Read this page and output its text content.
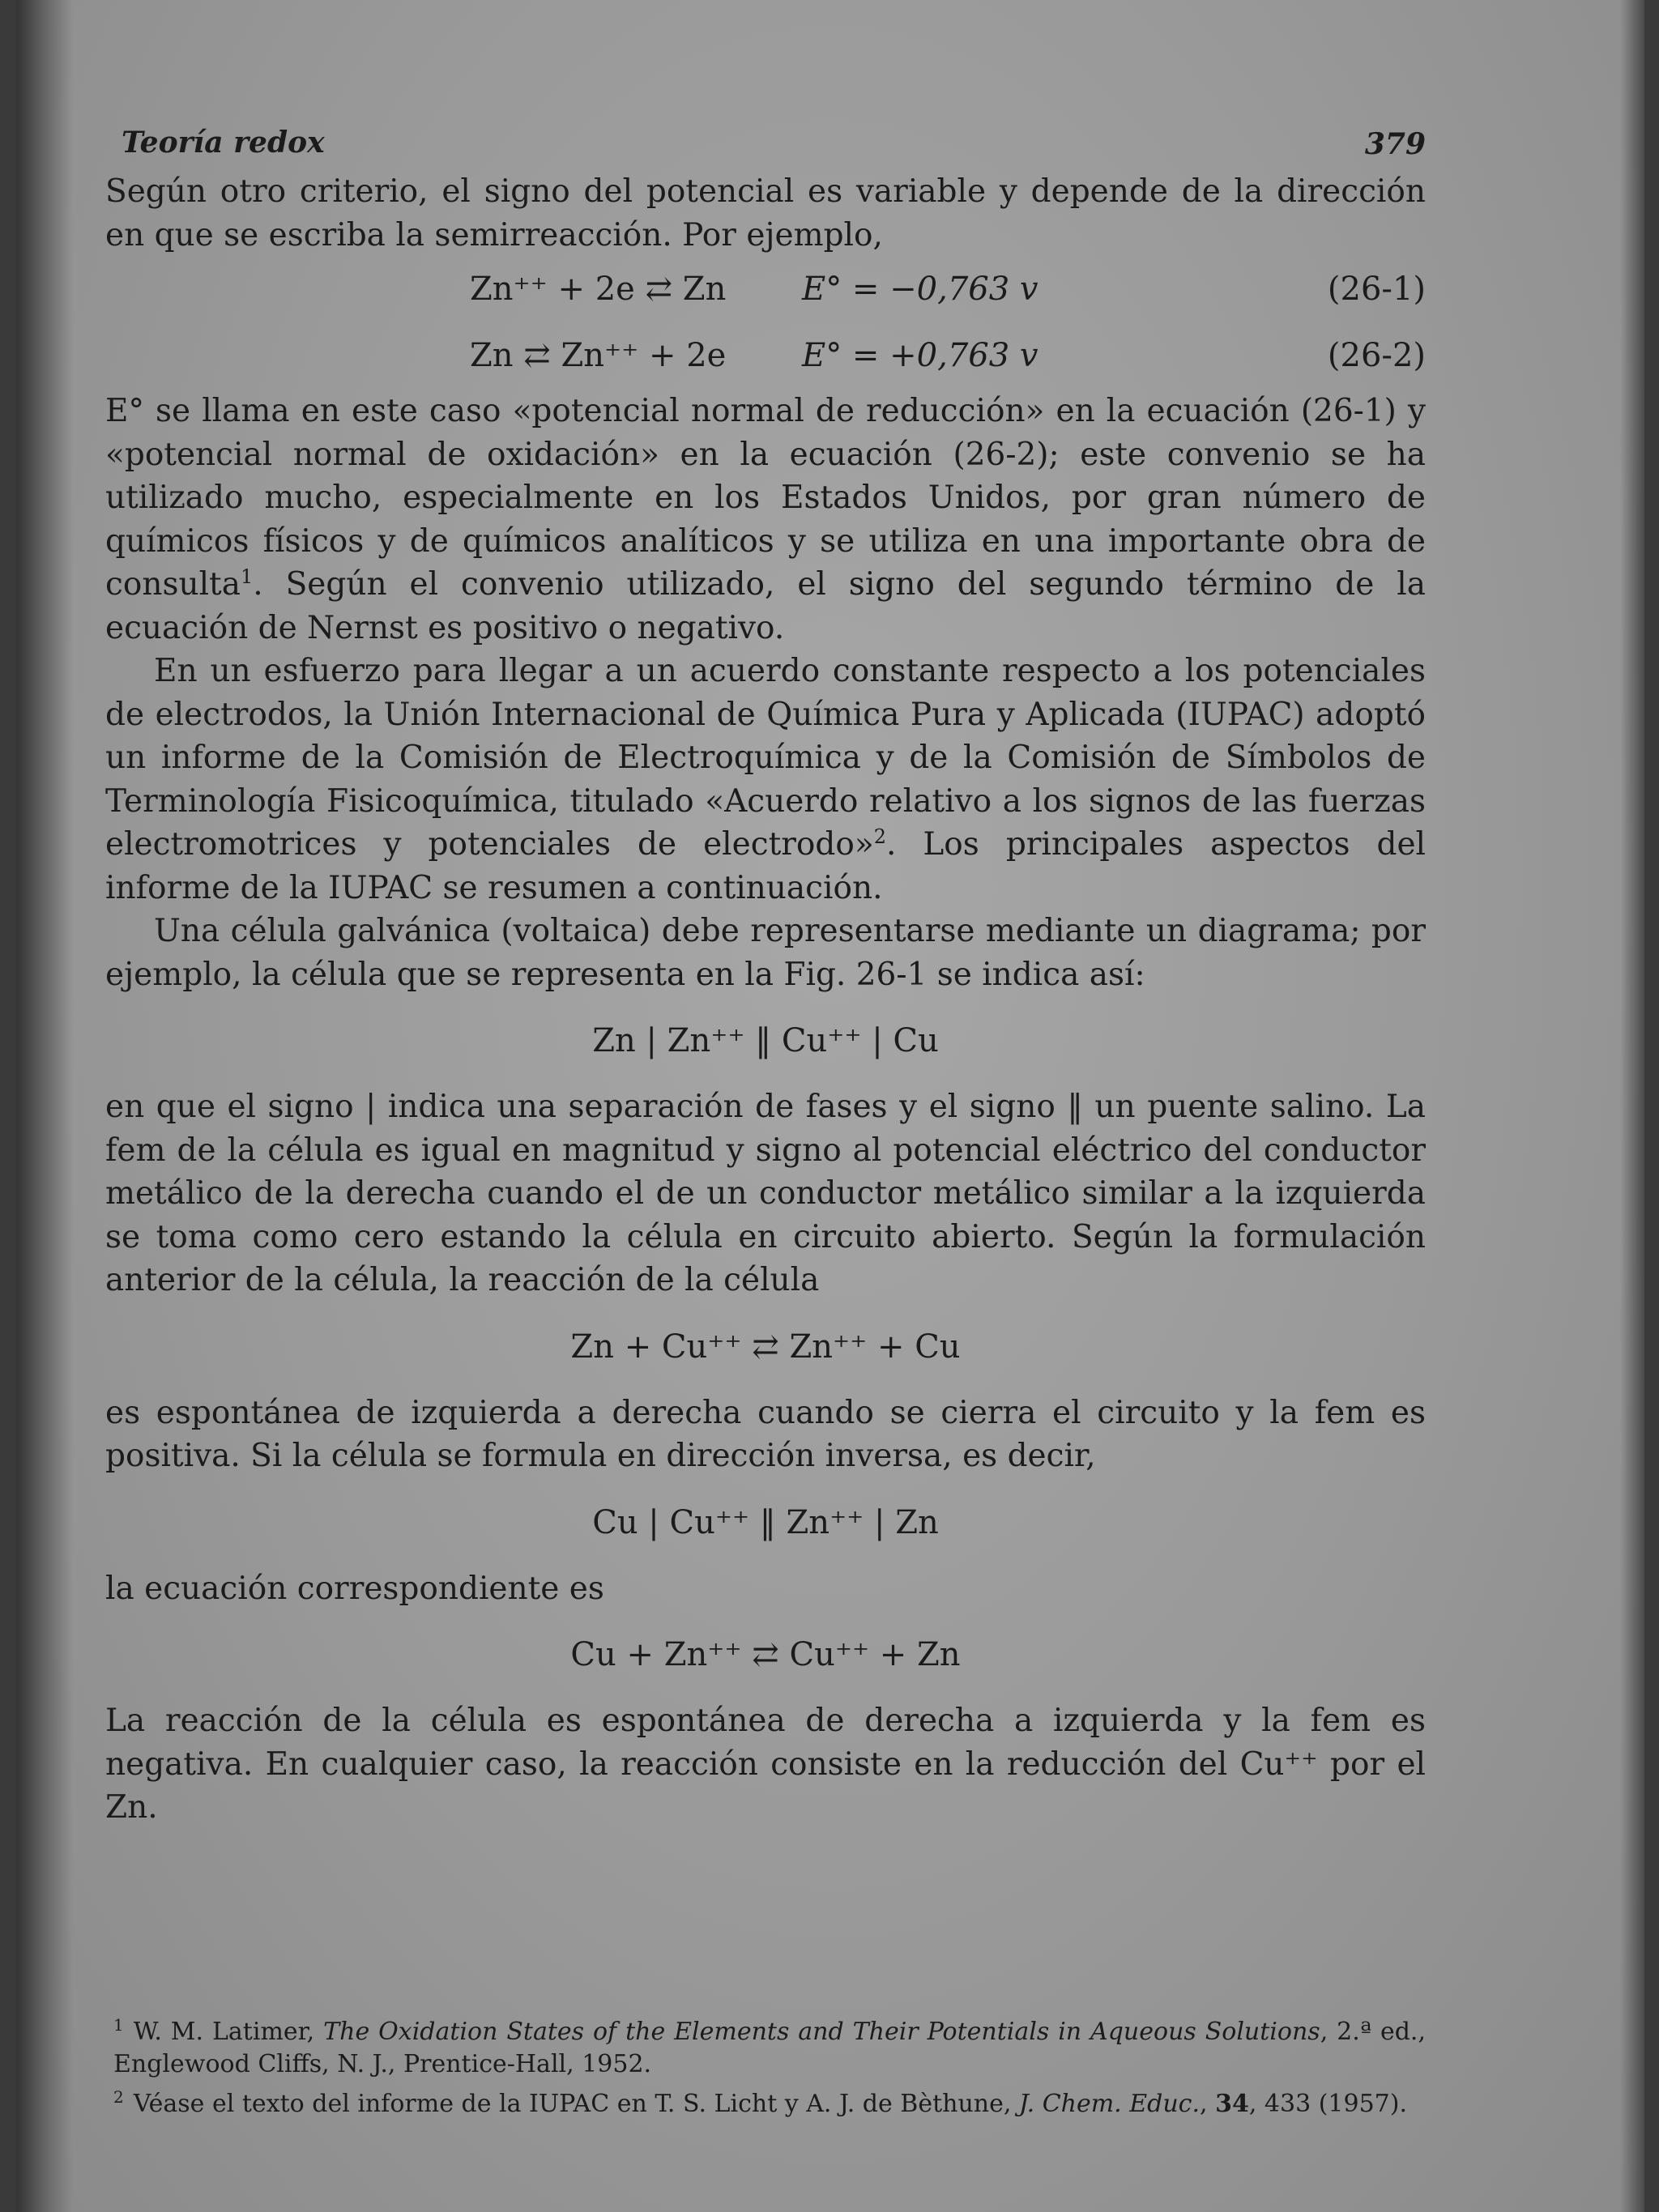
Teoría redox	379

Según otro criterio, el signo del potencial es variable y depende de la dirección en que se escriba la semirreacción. Por ejemplo,

Zn⁺⁺ + 2e ⇄ Zn E° = −0,763 v	(26-1)
Zn ⇄ Zn⁺⁺ + 2e E° = +0,763 v	(26-2)

E° se llama en este caso «potencial normal de reducción» en la ecuación (26-1) y «potencial normal de oxidación» en la ecuación (26-2); este convenio se ha utilizado mucho, especialmente en los Estados Unidos, por gran número de químicos físicos y de químicos analíticos y se utiliza en una importante obra de consulta$^1$. Según el convenio utilizado, el signo del segundo término de la ecuación de Nernst es positivo o negativo.

En un esfuerzo para llegar a un acuerdo constante respecto a los potenciales de electrodos, la Unión Internacional de Química Pura y Aplicada (IUPAC) adoptó un informe de la Comisión de Electroquímica y de la Comisión de Símbolos de Terminología Fisicoquímica, titulado «Acuerdo relativo a los signos de las fuerzas electromotrices y potenciales de electrodo»$^2$. Los principales aspectos del informe de la IUPAC se resumen a continuación.

Una célula galvánica (voltaica) debe representarse mediante un diagrama; por ejemplo, la célula que se representa en la Fig. 26-1 se indica así:

Zn | Zn⁺⁺ ‖ Cu⁺⁺ | Cu

en que el signo | indica una separación de fases y el signo ‖ un puente salino. La fem de la célula es igual en magnitud y signo al potencial eléctrico del conductor metálico de la derecha cuando el de un conductor metálico similar a la izquierda se toma como cero estando la célula en circuito abierto. Según la formulación anterior de la célula, la reacción de la célula

Zn + Cu⁺⁺ ⇄ Zn⁺⁺ + Cu

es espontánea de izquierda a derecha cuando se cierra el circuito y la fem es positiva. Si la célula se formula en dirección inversa, es decir,

Cu | Cu⁺⁺ ‖ Zn⁺⁺ | Zn

la ecuación correspondiente es

Cu + Zn⁺⁺ ⇄ Cu⁺⁺ + Zn

La reacción de la célula es espontánea de derecha a izquierda y la fem es negativa. En cualquier caso, la reacción consiste en la reducción del Cu⁺⁺ por el Zn.

$^1$ W. M. Latimer, The Oxidation States of the Elements and Their Potentials in Aqueous Solutions, 2.ª ed., Englewood Cliffs, N. J., Prentice-Hall, 1952.

$^2$ Véase el texto del informe de la IUPAC en T. S. Licht y A. J. de Bèthune, J. Chem. Educ., 34, 433 (1957).
